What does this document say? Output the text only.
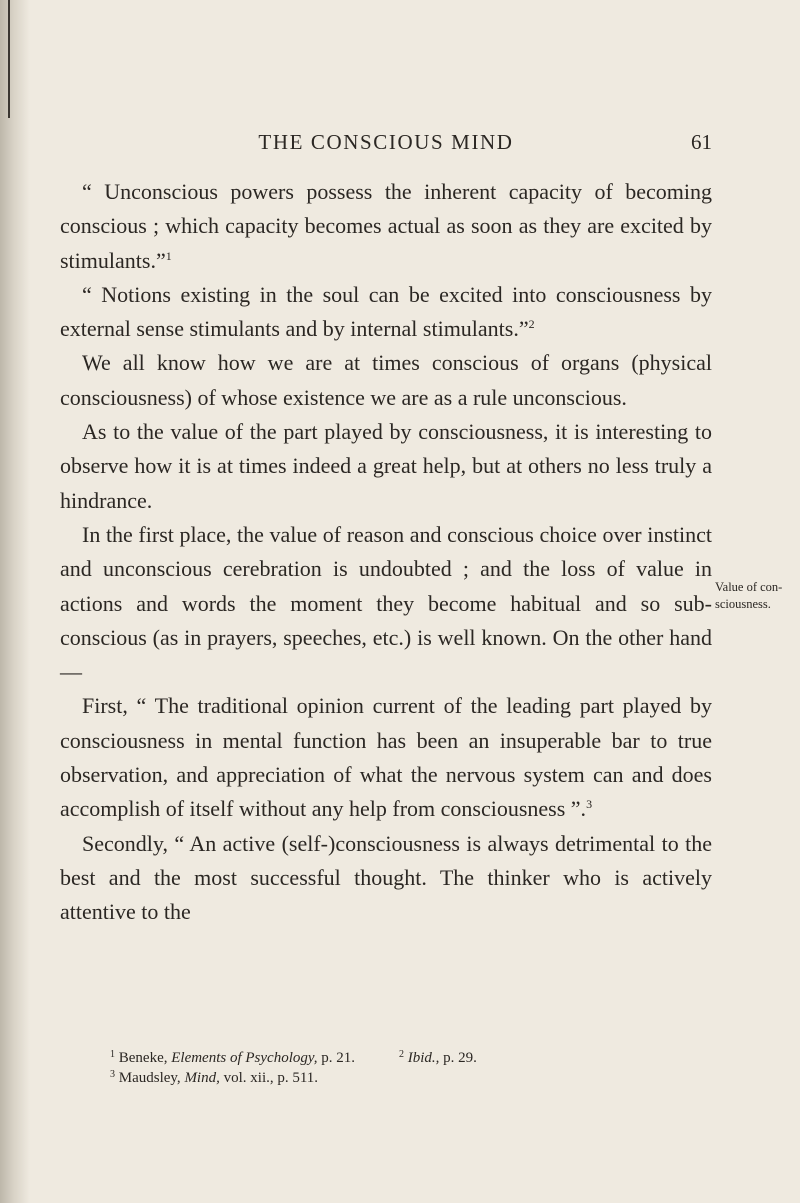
THE CONSCIOUS MIND	61

“ Unconscious powers possess the inherent capacity of becoming conscious ; which capacity becomes actual as soon as they are excited by stimulants.”$^1$

“ Notions existing in the soul can be excited into consciousness by external sense stimulants and by internal stimulants.”$^2$

We all know how we are at times conscious of organs (physical consciousness) of whose existence we are as a rule unconscious.

As to the value of the part played by consciousness, it is interesting to observe how it is at times indeed a great help, but at others no less truly a hindrance.

In the first place, the value of reason and conscious choice over instinct and unconscious cerebration is undoubted ; and the loss of value in actions and words the moment they become habitual and so sub-conscious (as in prayers, speeches, etc.) is well known. On the other hand—

First, “ The traditional opinion current of the leading part played by consciousness in mental function has been an insuperable bar to true observation, and appreciation of what the nervous system can and does accomplish of itself without any help from consciousness ”.$^3$

Secondly, “ An active (self-)consciousness is always detrimental to the best and the most successful thought. The thinker who is actively attentive to the

Value of con-
sciousness.

$^1$ Beneke, Elements of Psychology, p. 21.	$^2$ Ibid., p. 29.

$^3$ Maudsley, Mind, vol. xii., p. 511.
